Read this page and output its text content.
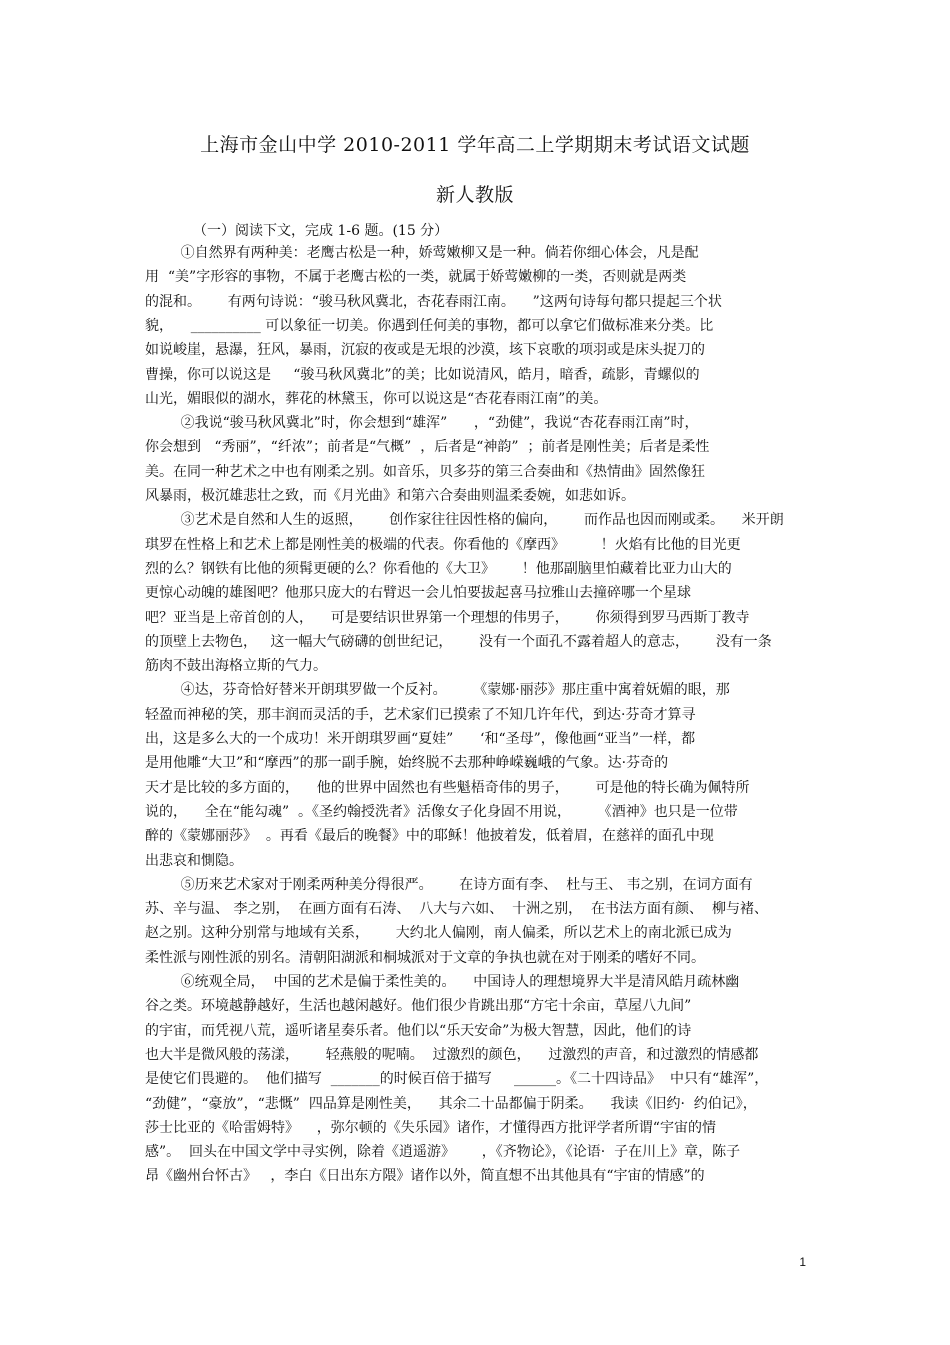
上海市金山中学 2010-2011 学年高二上学期期末考试语文试题
新人教版
（一）阅读下文，完成 1-6 题。(15 分）
①自然界有两种美：老鹰古松是一种，娇莺嫩柳又是一种。倘若你细心体会，凡是配
用  “美”字形容的事物，不属于老鹰古松的一类，就属于娇莺嫩柳的一类，否则就是两类
的混和。      有两句诗说：“骏马秋风冀北，杏花春雨江南。    ”这两句诗每句都只提起三个状
貌，    __________ 可以象征一切美。你遇到任何美的事物，都可以拿它们做标准来分类。比
如说峻崖，悬瀑，狂风，暴雨，沉寂的夜或是无垠的沙漠，垓下哀歌的项羽或是床头捉刀的
曹操，你可以说这是     “骏马秋风冀北”的美；比如说清风，皓月，暗香，疏影，青螺似的
山光，媚眼似的湖水，葬花的林黛玉，你可以说这是“杏花春雨江南”的美。
②我说“骏马秋风冀北”时，你会想到“雄浑”      ，“劲健”，我说“杏花春雨江南”时，
你会想到   “秀丽”，“纤浓”；前者是“气概”  ，后者是“神韵”  ；前者是刚性美；后者是柔性
美。在同一种艺术之中也有刚柔之别。如音乐，贝多芬的第三合奏曲和《热情曲》固然像狂
风暴雨，极沉雄悲壮之致，而《月光曲》和第六合奏曲则温柔委婉，如悲如诉。
③艺术是自然和人生的返照，      创作家往往因性格的偏向，      而作品也因而刚或柔。    米开朗
琪罗在性格上和艺术上都是刚性美的极端的代表。你看他的《摩西》        ！火焰有比他的目光更
烈的么？钢铁有比他的须髯更硬的么？你看他的《大卫》      ！他那副脑里怕藏着比亚力山大的
更惊心动魄的雄图吧？他那只庞大的右臂迟一会儿怕要拔起喜马拉雅山去撞碎哪一个星球
吧？亚当是上帝首创的人，    可是要结识世界第一个理想的伟男子，      你须得到罗马西斯丁教寺
的顶壁上去物色，   这一幅大气磅礴的创世纪记，      没有一个面孔不露着超人的意志，      没有一条
筋肉不鼓出海格立斯的气力。
④达，芬奇恰好替米开朗琪罗做一个反衬。      《蒙娜·丽莎》那庄重中寓着妩媚的眼，那
轻盈而神秘的笑，那丰润而灵活的手，艺术家们已摸索了不知几许年代，到达·芬奇才算寻
出，这是多么大的一个成功！米开朗琪罗画“夏娃”      ‘和“圣母”，像他画“亚当”一样，都
是用他雕“大卫”和“摩西”的那一副手腕，始终脱不去那种峥嵘巍峨的气象。达·芬奇的
天才是比较的多方面的，    他的世界中固然也有些魁梧奇伟的男子，      可是他的特长确为佩特所
说的，    全在“能勾魂”  。《圣约翰授洗者》活像女子化身固不用说，      《酒神》也只是一位带
醉的《蒙娜丽莎》  。再看《最后的晚餐》中的耶稣！他披着发，低着眉，在慈祥的面孔中现
出悲哀和惻隐。
⑤历来艺术家对于刚柔两种美分得很严。      在诗方面有李、  杜与王、 韦之别，在词方面有
苏、辛与温、 李之别，  在画方面有石涛、  八大与六如、  十洲之别，  在书法方面有颜、  柳与褚、
赵之别。这种分别常与地域有关系，      大约北人偏刚，南人偏柔，所以艺术上的南北派已成为
柔性派与刚性派的别名。清朝阳湖派和桐城派对于文章的争执也就在对于刚柔的嗜好不同。
⑥统观全局，  中国的艺术是偏于柔性美的。    中国诗人的理想境界大半是清风皓月疏林幽
谷之类。环境越静越好，生活也越闲越好。他们很少肯跳出那“方宅十余亩，草屋八九间”
的宇宙，而凭视八荒，遥听诸星奏乐者。他们以“乐天安命”为极大智慧，因此，他们的诗
也大半是微风般的荡漾，      轻燕般的呢喃。  过激烈的颜色，    过激烈的声音，和过激烈的情感都
是使它们畏避的。  他们描写  _______的时候百倍于描写     ______。《二十四诗品》  中只有“雄浑”，
“劲健”，“豪放”，“悲慨”  四品算是刚性美，    其余二十品都偏于阴柔。    我读《旧约·  约伯记》，
莎士比亚的《哈雷姆特》    ，弥尔顿的《失乐园》诸作，才懂得西方批评学者所谓“宇宙的情
感”。  回头在中国文学中寻实例，除着《逍遥游》      ，《齐物论》，《论语·  子在川上》章，陈子
昂《幽州台怀古》   ，李白《日出东方隈》诸作以外，简直想不出其他具有“宇宙的情感”的
1
